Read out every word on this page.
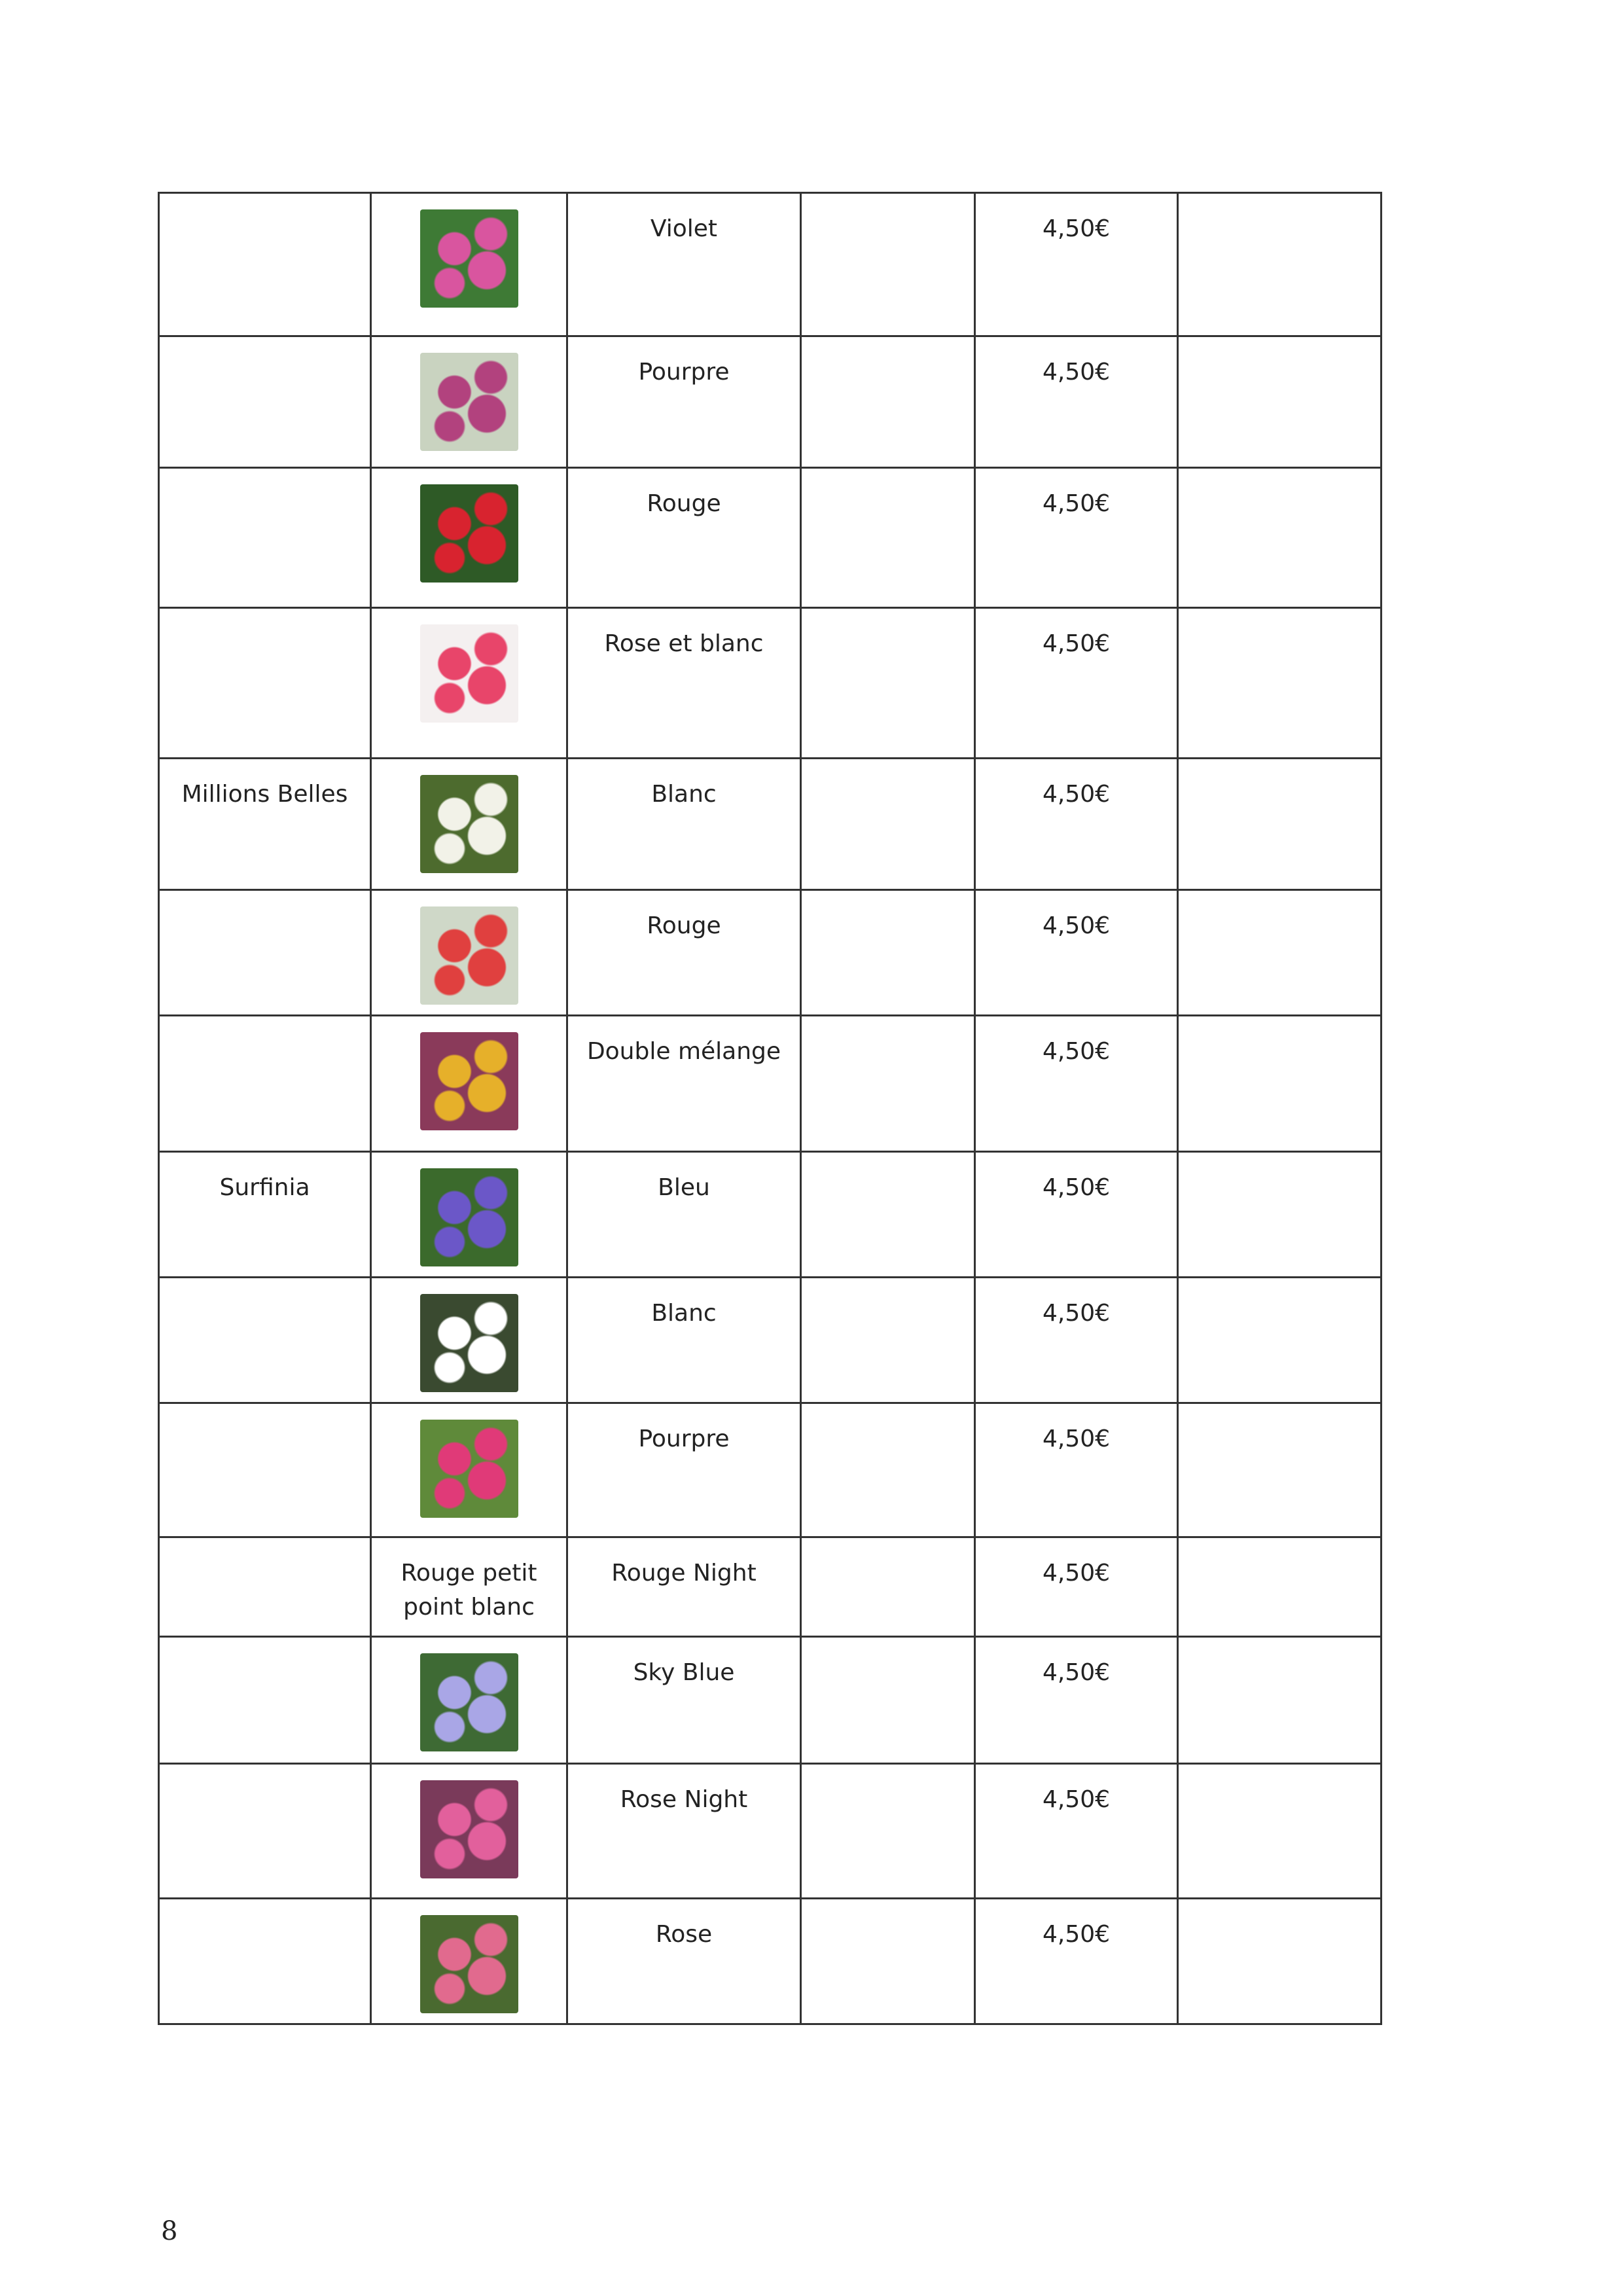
		Violet		4,50€	
		Pourpre		4,50€	
		Rouge		4,50€	
		Rose et blanc		4,50€	
Millions Belles		Blanc		4,50€	
		Rouge		4,50€	
		Double mélange		4,50€	
Surfinia		Bleu		4,50€	
		Blanc		4,50€	
		Pourpre		4,50€	
	Rouge petit point blanc	Rouge Night		4,50€	
		Sky Blue		4,50€	
		Rose Night		4,50€	
		Rose		4,50€	
8
